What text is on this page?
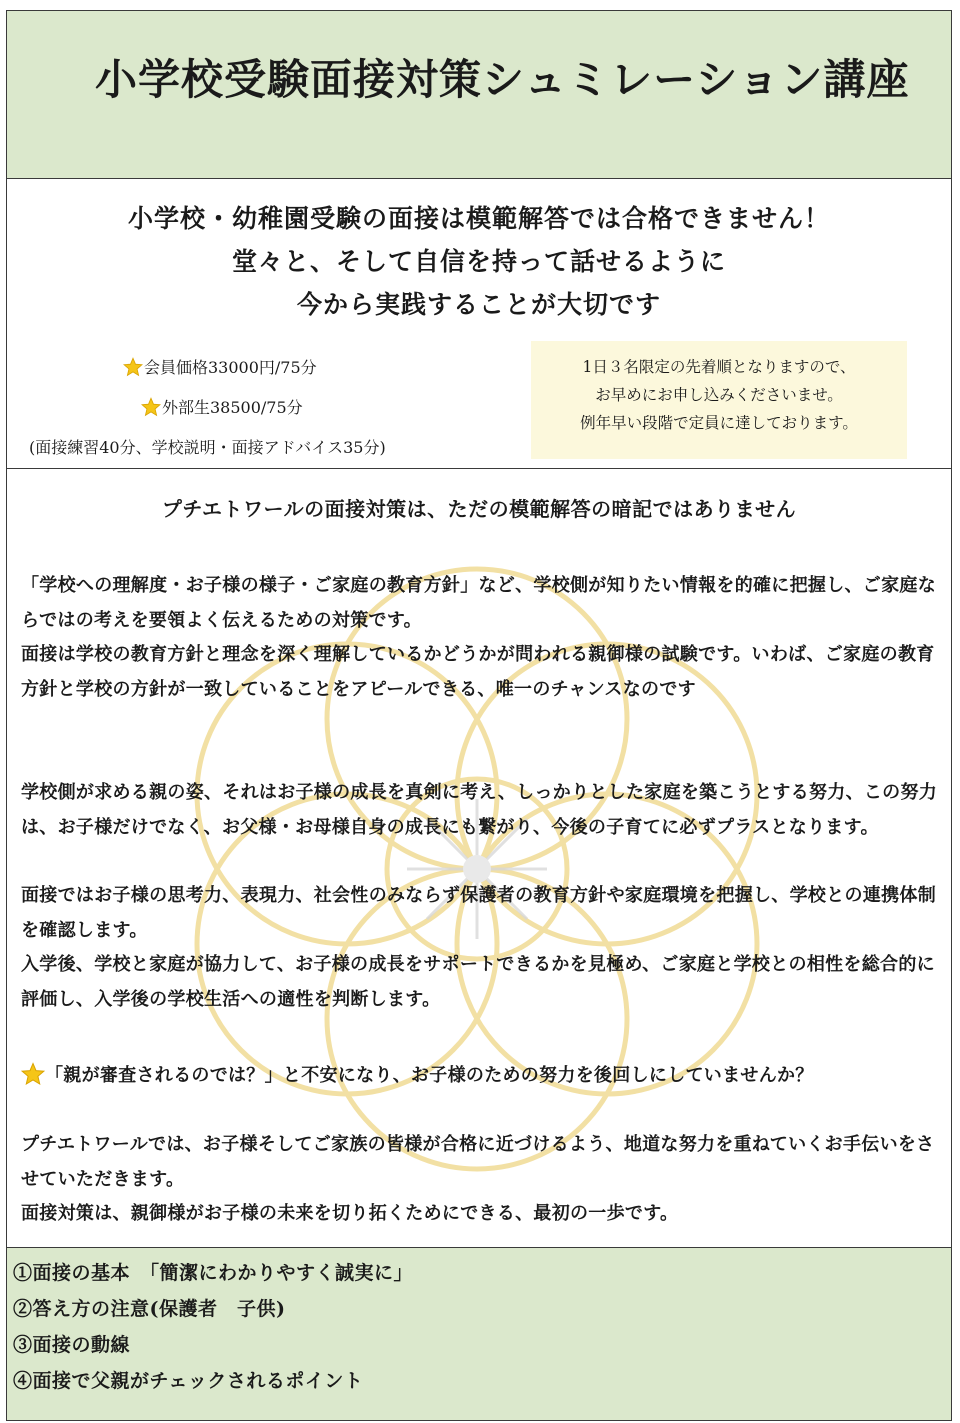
小学校受験面接対策シュミレーション講座

小学校・幼稚園受験の面接は模範解答では合格できません！

堂々と、そして自信を持って話せるように

今から実践することが大切です

会員価格33000円/75分
外部生38500/75分
(面接練習40分、学校説明・面接アドバイス35分)
1日３名限定の先着順となりますので、
お早めにお申し込みくださいませ。
例年早い段階で定員に達しております。

プチエトワールの面接対策は、ただの模範解答の暗記ではありません

「学校への理解度・お子様の様子・ご家庭の教育方針」など、学校側が知りたい情報を的確に把握し、ご家庭ならではの考えを要領よく伝えるための対策です。

面接は学校の教育方針と理念を深く理解しているかどうかが問われる親御様の試験です。いわば、ご家庭の教育方針と学校の方針が一致していることをアピールできる、唯一のチャンスなのです

学校側が求める親の姿、それはお子様の成長を真剣に考え、しっかりとした家庭を築こうとする努力、この努力は、お子様だけでなく、お父様・お母様自身の成長にも繋がり、今後の子育てに必ずプラスとなります。

面接ではお子様の思考力、表現力、社会性のみならず保護者の教育方針や家庭環境を把握し、学校との連携体制を確認します。

入学後、学校と家庭が協力して、お子様の成長をサポートできるかを見極め、ご家庭と学校との相性を総合的に評価し、入学後の学校生活への適性を判断します。

「親が審査されるのでは？」と不安になり、お子様のための努力を後回しにしていませんか？

プチエトワールでは、お子様そしてご家族の皆様が合格に近づけるよう、地道な努力を重ねていくお手伝いをさせていただきます。

面接対策は、親御様がお子様の未来を切り拓くためにできる、最初の一歩です。

①面接の基本　「簡潔にわかりやすく誠実に」
②答え方の注意(保護者　子供)
③面接の動線
④面接で父親がチェックされるポイント
